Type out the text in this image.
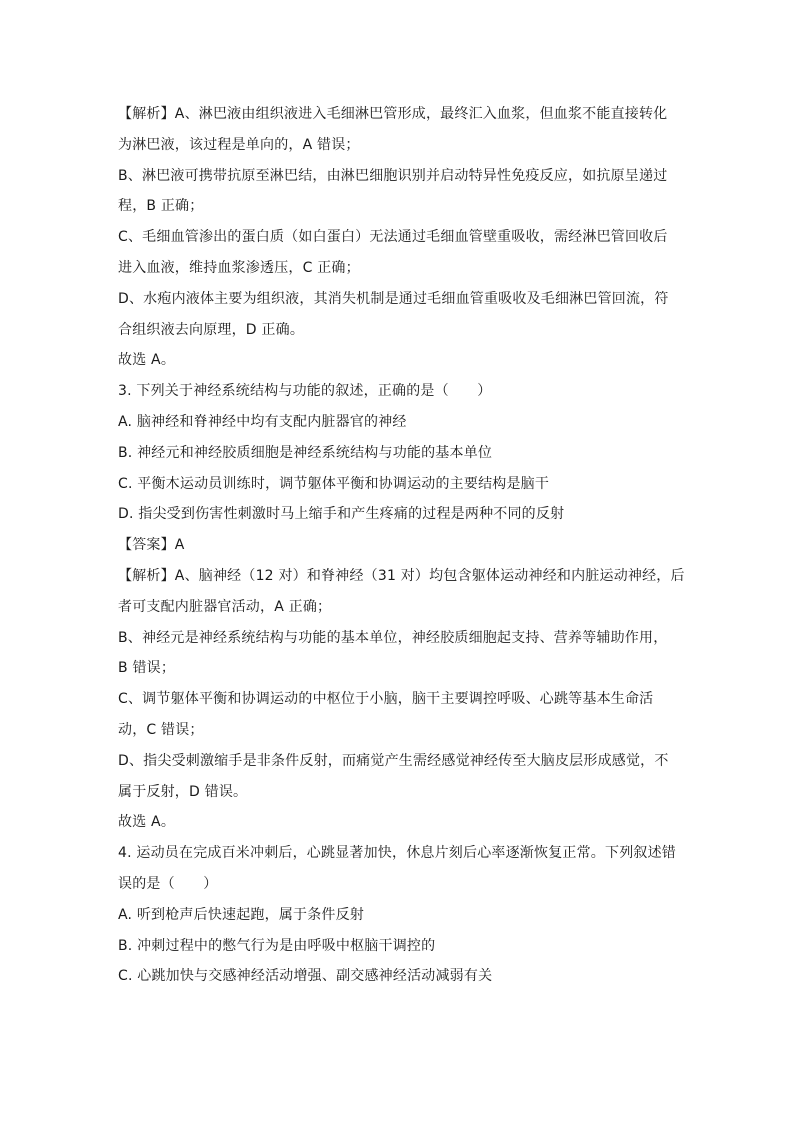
【解析】A、淋巴液由组织液进入毛细淋巴管形成，最终汇入血浆，但血浆不能直接转化
为淋巴液，该过程是单向的，A 错误；
B、淋巴液可携带抗原至淋巴结，由淋巴细胞识别并启动特异性免疫反应，如抗原呈递过
程，B 正确；
C、毛细血管渗出的蛋白质（如白蛋白）无法通过毛细血管壁重吸收，需经淋巴管回收后
进入血液，维持血浆渗透压，C 正确；
D、水疱内液体主要为组织液，其消失机制是通过毛细血管重吸收及毛细淋巴管回流，符
合组织液去向原理，D 正确。
故选 A。
3. 下列关于神经系统结构与功能的叙述，正确的是（　　）
A. 脑神经和脊神经中均有支配内脏器官的神经
B. 神经元和神经胶质细胞是神经系统结构与功能的基本单位
C. 平衡木运动员训练时，调节躯体平衡和协调运动的主要结构是脑干
D. 指尖受到伤害性刺激时马上缩手和产生疼痛的过程是两种不同的反射
【答案】A
【解析】A、脑神经（12 对）和脊神经（31 对）均包含躯体运动神经和内脏运动神经，后
者可支配内脏器官活动，A 正确；
B、神经元是神经系统结构与功能的基本单位，神经胶质细胞起支持、营养等辅助作用，
B 错误；
C、调节躯体平衡和协调运动的中枢位于小脑，脑干主要调控呼吸、心跳等基本生命活
动，C 错误；
D、指尖受刺激缩手是非条件反射，而痛觉产生需经感觉神经传至大脑皮层形成感觉，不
属于反射，D 错误。
故选 A。
4. 运动员在完成百米冲刺后，心跳显著加快，休息片刻后心率逐渐恢复正常。下列叙述错
误的是（　　）
A. 听到枪声后快速起跑，属于条件反射
B. 冲刺过程中的憋气行为是由呼吸中枢脑干调控的
C. 心跳加快与交感神经活动增强、副交感神经活动减弱有关
